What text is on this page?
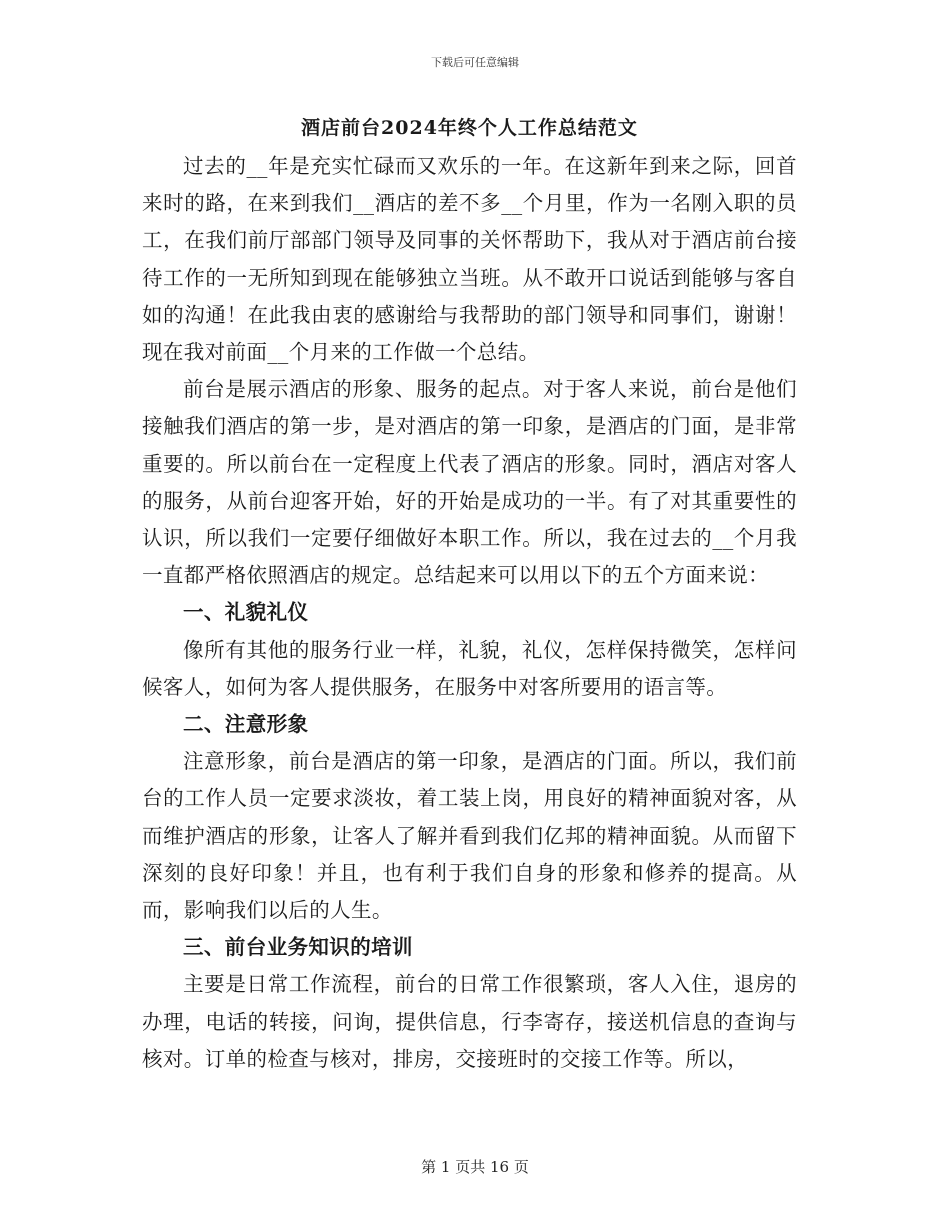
下载后可任意编辑
酒店前台2024年终个人工作总结范文

过去的__年是充实忙碌而又欢乐的一年。在这新年到来之际，回首来时的路，在来到我们__酒店的差不多__个月里，作为一名刚入职的员工，在我们前厅部部门领导及同事的关怀帮助下，我从对于酒店前台接待工作的一无所知到现在能够独立当班。从不敢开口说话到能够与客自如的沟通！在此我由衷的感谢给与我帮助的部门领导和同事们，谢谢！现在我对前面__个月来的工作做一个总结。

前台是展示酒店的形象、服务的起点。对于客人来说，前台是他们接触我们酒店的第一步，是对酒店的第一印象，是酒店的门面，是非常重要的。所以前台在一定程度上代表了酒店的形象。同时，酒店对客人的服务，从前台迎客开始，好的开始是成功的一半。有了对其重要性的认识，所以我们一定要仔细做好本职工作。所以，我在过去的__个月我一直都严格依照酒店的规定。总结起来可以用以下的五个方面来说：

一、礼貌礼仪

像所有其他的服务行业一样，礼貌，礼仪，怎样保持微笑，怎样问候客人，如何为客人提供服务，在服务中对客所要用的语言等。

二、注意形象

注意形象，前台是酒店的第一印象，是酒店的门面。所以，我们前台的工作人员一定要求淡妆，着工装上岗，用良好的精神面貌对客，从而维护酒店的形象，让客人了解并看到我们亿邦的精神面貌。从而留下深刻的良好印象！并且，也有利于我们自身的形象和修养的提高。从而，影响我们以后的人生。

三、前台业务知识的培训

主要是日常工作流程，前台的日常工作很繁琐，客人入住，退房的办理，电话的转接，问询，提供信息，行李寄存，接送机信息的查询与核对。订单的检查与核对，排房，交接班时的交接工作等。所以，

第 1 页共 16 页
